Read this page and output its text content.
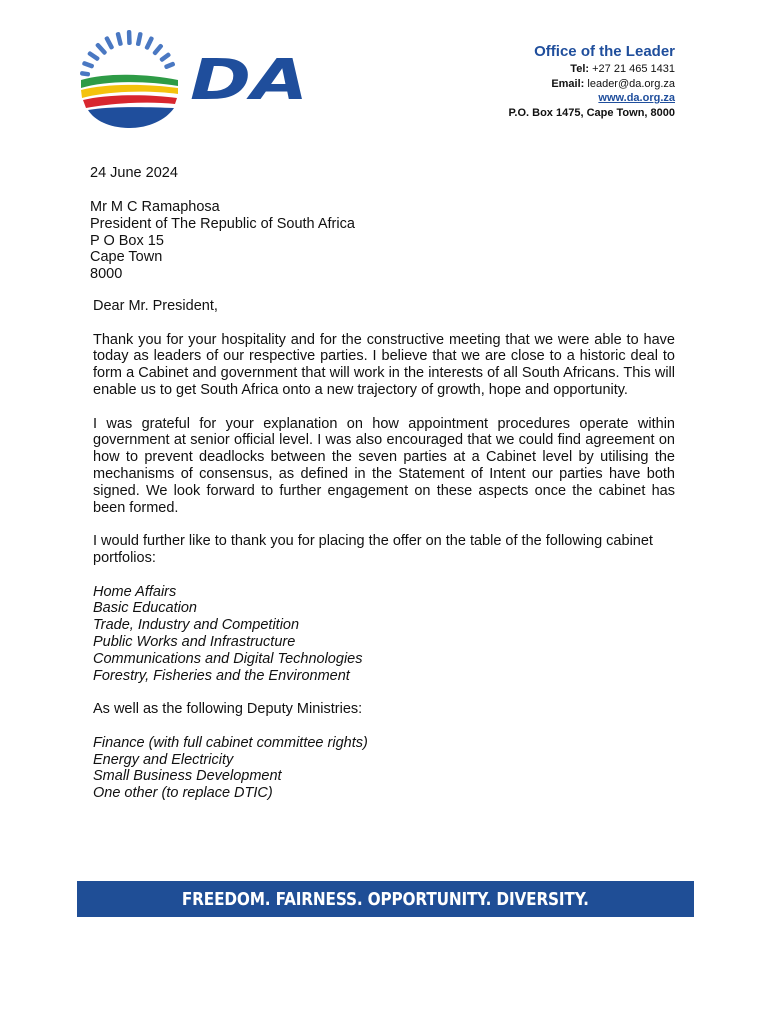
DA	Office of the Leader
Tel: +27 21 465 1431
Email: leader@da.org.za
www.da.org.za
P.O. Box 1475, Cape Town, 8000
24 June 2024
Mr M C Ramaphosa
President of The Republic of South Africa
P O Box 15
Cape Town
8000

Dear Mr. President,

Thank you for your hospitality and for the constructive meeting that we were able to have today as leaders of our respective parties. I believe that we are close to a historic deal to form a Cabinet and government that will work in the interests of all South Africans. This will enable us to get South Africa onto a new trajectory of growth, hope and opportunity.

I was grateful for your explanation on how appointment procedures operate within government at senior official level. I was also encouraged that we could find agreement on how to prevent deadlocks between the seven parties at a Cabinet level by utilising the mechanisms of consensus, as defined in the Statement of Intent our parties have both signed. We look forward to further engagement on these aspects once the cabinet has been formed.

I would further like to thank you for placing the offer on the table of the following cabinet portfolios:

Home Affairs
Basic Education
Trade, Industry and Competition
Public Works and Infrastructure
Communications and Digital Technologies
Forestry, Fisheries and the Environment

As well as the following Deputy Ministries:

Finance (with full cabinet committee rights)
Energy and Electricity
Small Business Development
One other (to replace DTIC)
FREEDOM. FAIRNESS. OPPORTUNITY. DIVERSITY.
